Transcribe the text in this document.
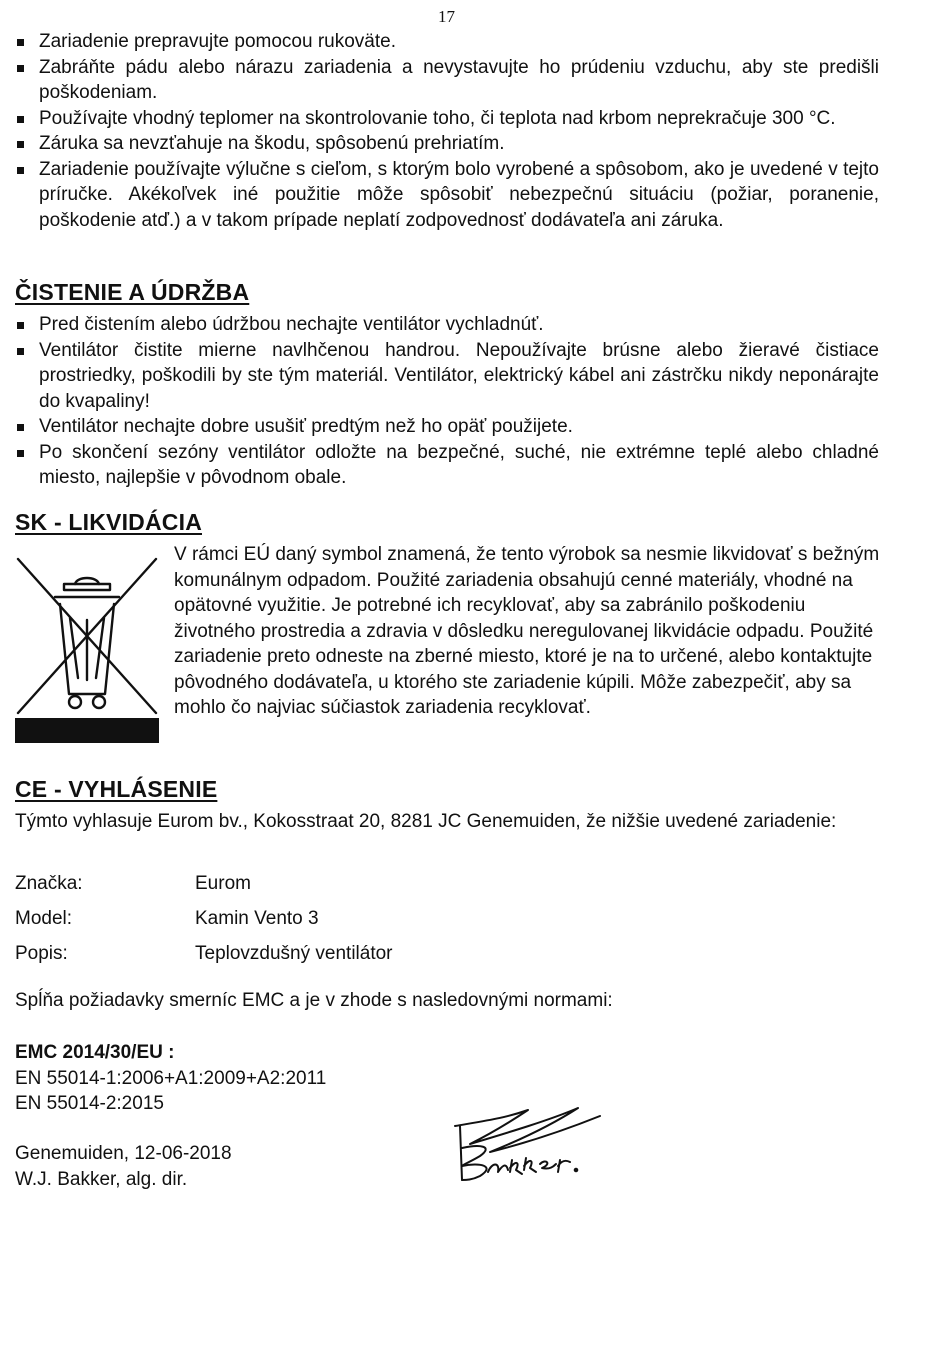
17
Zariadenie prepravujte pomocou rukoväte.
Zabráňte pádu alebo nárazu zariadenia a nevystavujte ho prúdeniu vzduchu, aby ste predišli poškodeniam.
Používajte vhodný teplomer na skontrolovanie toho, či teplota nad krbom neprekračuje 300 °C.
Záruka sa nevzťahuje na škodu, spôsobenú prehriatím.
Zariadenie používajte výlučne s cieľom, s ktorým bolo vyrobené a spôsobom, ako je uvedené v tejto príručke. Akékoľvek iné použitie môže spôsobiť nebezpečnú situáciu (požiar, poranenie, poškodenie atď.) a v takom prípade neplatí zodpovednosť dodávateľa ani záruka.
ČISTENIE A ÚDRŽBA
Pred čistením alebo údržbou nechajte ventilátor vychladnúť.
Ventilátor čistite mierne navlhčenou handrou. Nepoužívajte brúsne alebo žieravé čistiace prostriedky, poškodili by ste tým materiál. Ventilátor, elektrický kábel ani zástrčku nikdy neponárajte do kvapaliny!
Ventilátor nechajte dobre usušiť predtým než ho opäť použijete.
Po skončení sezóny ventilátor odložte na bezpečné, suché, nie extrémne teplé alebo chladné miesto, najlepšie v pôvodnom obale.
SK - LIKVIDÁCIA

V rámci EÚ daný symbol znamená, že tento výrobok sa nesmie likvidovať s bežným komunálnym odpadom. Použité zariadenia obsahujú cenné materiály, vhodné na opätovné využitie. Je potrebné ich recyklovať, aby sa zabránilo poškodeniu životného prostredia a zdravia v dôsledku neregulovanej likvidácie odpadu. Použité zariadenie preto odneste na zberné miesto, ktoré je na to určené, alebo kontaktujte pôvodného dodávateľa, u ktorého ste zariadenie kúpili. Môže zabezpečiť, aby sa mohlo čo najviac súčiastok zariadenia recyklovať.

CE - VYHLÁSENIE

Týmto vyhlasuje Eurom bv., Kokosstraat 20, 8281 JC Genemuiden, že nižšie uvedené zariadenie:

Značka:	Eurom

Model:	Kamin Vento 3

Popis:	Teplovzdušný ventilátor

Spĺňa požiadavky smerníc EMC a je v zhode s nasledovnými normami:

EMC 2014/30/EU :
EN 55014-1:2006+A1:2009+A2:2011
EN 55014-2:2015
Genemuiden, 12-06-2018
W.J. Bakker, alg. dir.
